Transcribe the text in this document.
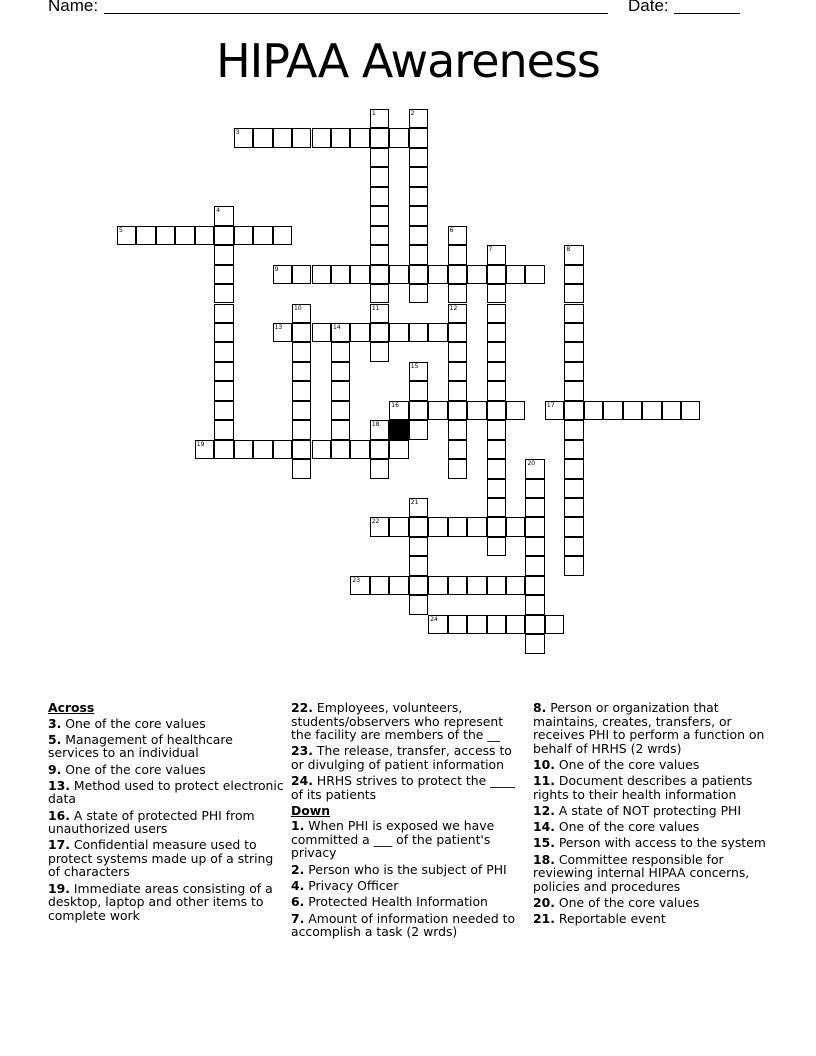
Name:	Date:
HIPAA Awareness
1	2
3
4
5	6
7	8
9
10	11	12
13	14
15
16	17
18
19
20
21
22
23
24
Across
3. One of the core values
5. Management of healthcare services to an individual
9. One of the core values
13. Method used to protect electronic data
16. A state of protected PHI from unauthorized users
17. Confidential measure used to protect systems made up of a string of characters
19. Immediate areas consisting of a desktop, laptop and other items to complete work
22. Employees, volunteers, students/observers who represent the facility are members of the __
23. The release, transfer, access to or divulging of patient information
24. HRHS strives to protect the ____ of its patients
Down
1. When PHI is exposed we have committed a ___ of the patient's privacy
2. Person who is the subject of PHI
4. Privacy Officer
6. Protected Health Information
7. Amount of information needed to accomplish a task (2 wrds)
8. Person or organization that maintains, creates, transfers, or receives PHI to perform a function on behalf of HRHS (2 wrds)
10. One of the core values
11. Document describes a patients rights to their health information
12. A state of NOT protecting PHI
14. One of the core values
15. Person with access to the system
18. Committee responsible for reviewing internal HIPAA concerns, policies and procedures
20. One of the core values
21. Reportable event
